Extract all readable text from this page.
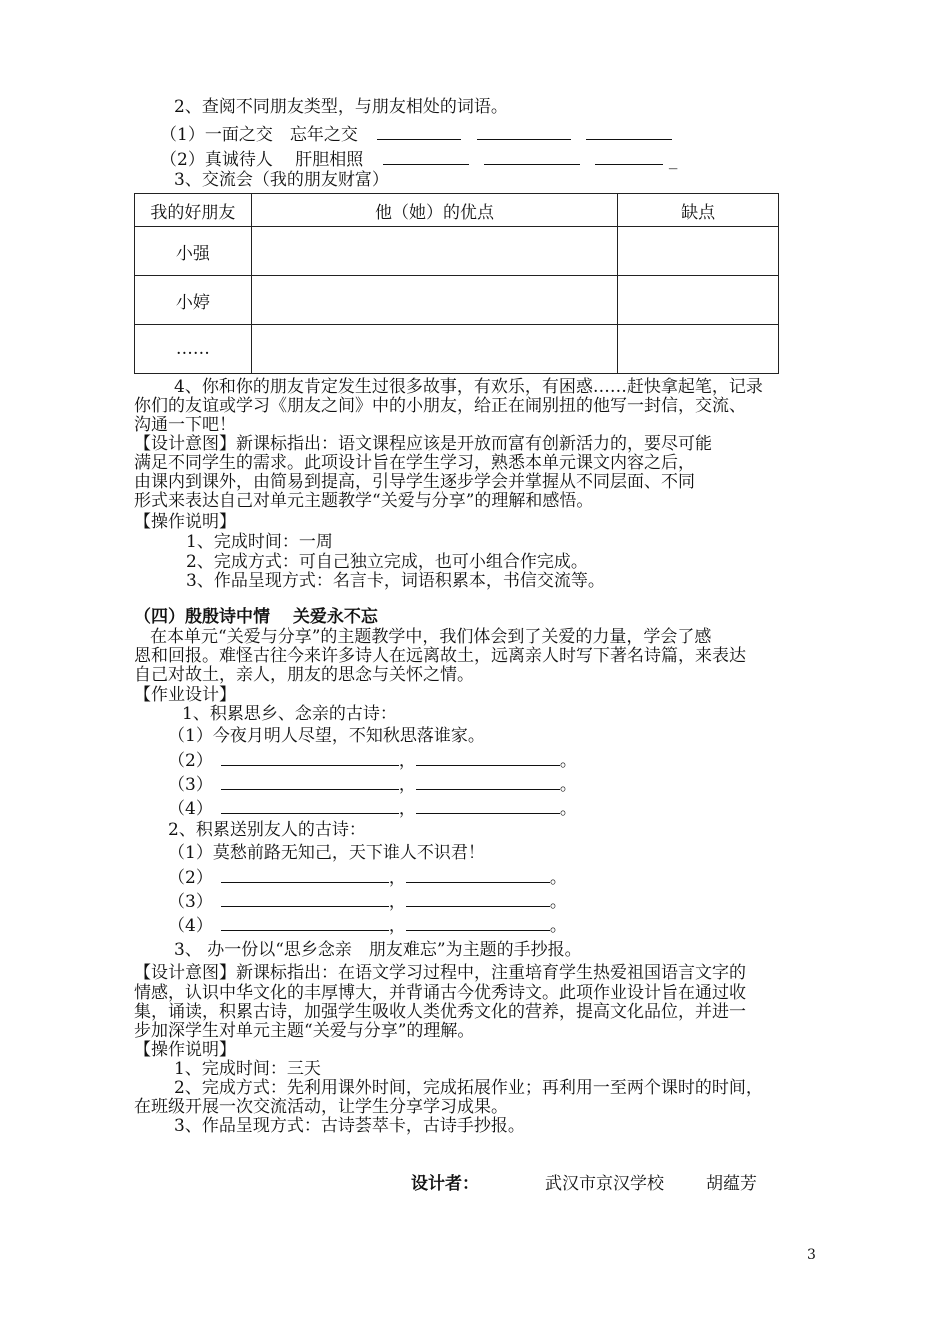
2、查阅不同朋友类型，与朋友相处的词语。
（1）一面之交　忘年之交
（2）真诚待人　 肝胆相照	_
3、交流会（我的朋友财富）
我的好朋友	他（她）的优点	缺点
小强		
小婷		
……		
4、你和你的朋友肯定发生过很多故事，有欢乐，有困惑……赶快拿起笔，记录
你们的友谊或学习《朋友之间》中的小朋友，给正在闹别扭的他写一封信，交流、
沟通一下吧！
【设计意图】新课标指出：语文课程应该是开放而富有创新活力的，要尽可能
满足不同学生的需求。此项设计旨在学生学习，熟悉本单元课文内容之后，
由课内到课外，由简易到提高，引导学生逐步学会并掌握从不同层面、不同
形式来表达自己对单元主题教学“关爱与分享”的理解和感悟。
【操作说明】
1、完成时间：一周
2、完成方式：可自己独立完成，也可小组合作完成。
3、作品呈现方式：名言卡，词语积累本，书信交流等。
（四）殷殷诗中情　 关爱永不忘
在本单元“关爱与分享”的主题教学中，我们体会到了关爱的力量，学会了感
恩和回报。难怪古往今来许多诗人在远离故土，远离亲人时写下著名诗篇，来表达
自己对故土，亲人，朋友的思念与关怀之情。
【作业设计】
1、积累思乡、念亲的古诗：
（1）今夜月明人尽望，不知秋思落谁家。
（2）	，	。
（3）	，	。
（4）	，	。
2、积累送别友人的古诗：
（1）莫愁前路无知己，天下谁人不识君！
（2）	，	。
（3）	，	。
（4）	，	。
3、 办一份以“思乡念亲　朋友难忘”为主题的手抄报。
【设计意图】新课标指出：在语文学习过程中，注重培育学生热爱祖国语言文字的
情感，认识中华文化的丰厚博大，并背诵古今优秀诗文。此项作业设计旨在通过收
集，诵读，积累古诗，加强学生吸收人类优秀文化的营养，提高文化品位，并进一
步加深学生对单元主题“关爱与分享”的理解。
【操作说明】
1、完成时间：三天
2、完成方式：先利用课外时间，完成拓展作业；再利用一至两个课时的时间，
在班级开展一次交流活动，让学生分享学习成果。
3、作品呈现方式：古诗荟萃卡，古诗手抄报。
设计者：	武汉市京汉学校 胡蕴芳
3
